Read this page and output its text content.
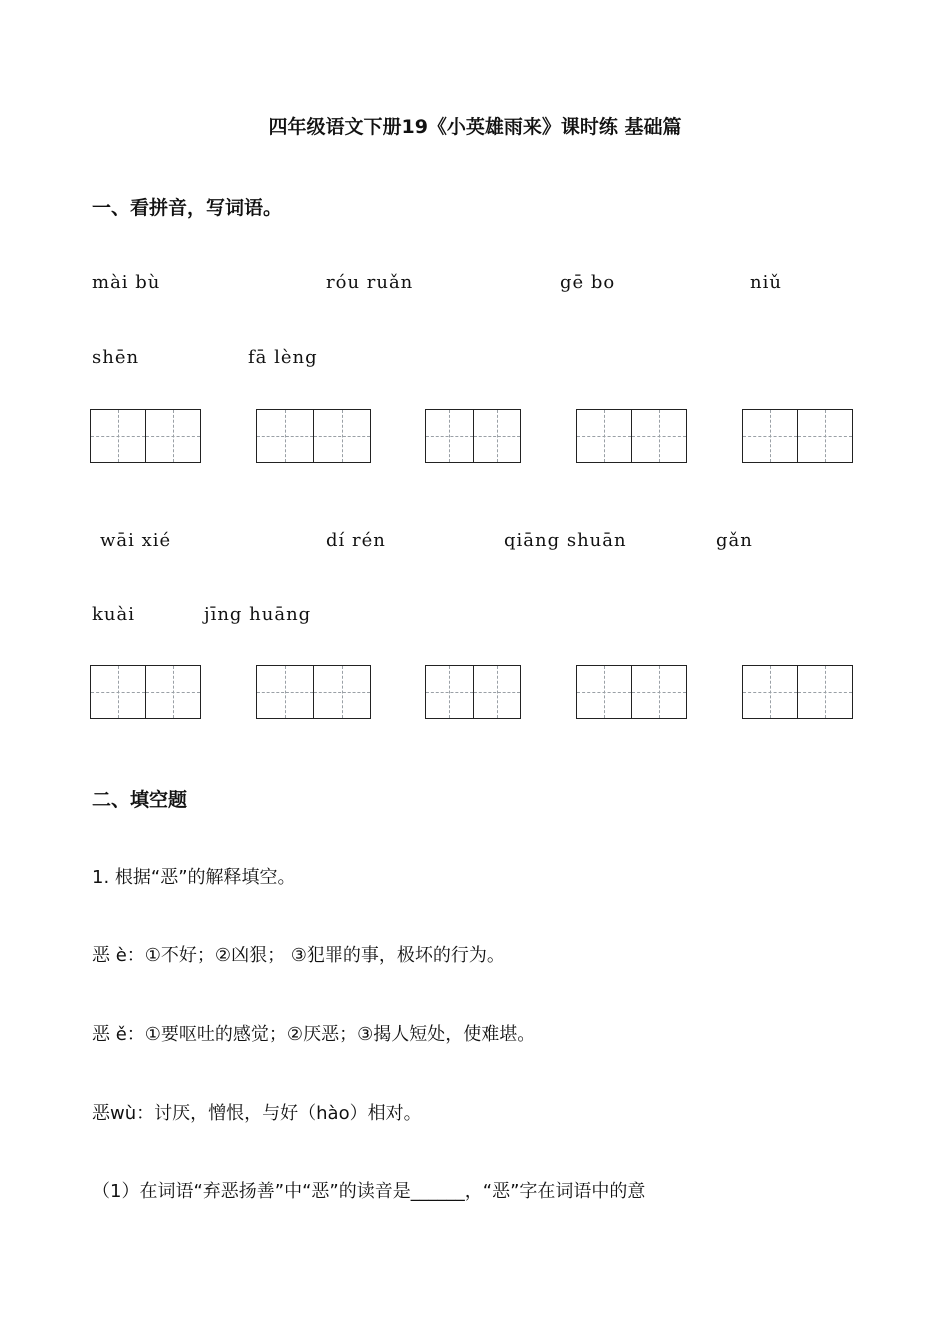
四年级语文下册19《小英雄雨来》课时练 基础篇
一、看拼音，写词语。
mài bù	róu ruǎn	gē bo	niǔ
shēn	fā lèng
wāi xié	dí rén	qiāng shuān	gǎn
kuài	jīng huāng
二、填空题
1. 根据“恶”的解释填空。
恶 è：①不好；②凶狠； ③犯罪的事，极坏的行为。
恶 ě：①要呕吐的感觉；②厌恶；③揭人短处，使难堪。
恶wù：讨厌，憎恨，与好（hào）相对。
（1）在词语“弃恶扬善”中“恶”的读音是______，“恶”字在词语中的意
